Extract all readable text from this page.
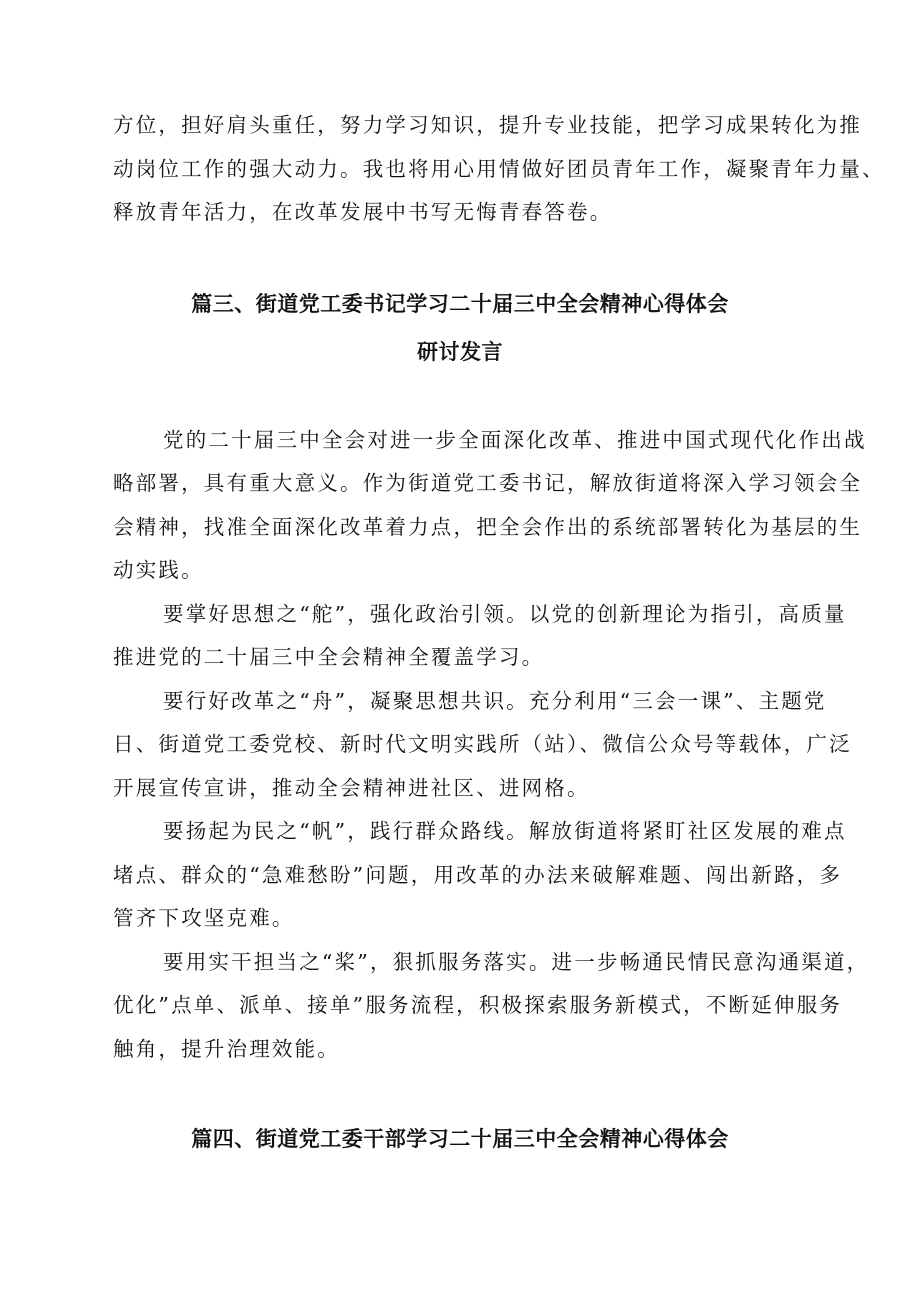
方位，担好肩头重任，努力学习知识，提升专业技能，把学习成果转化为推
动岗位工作的强大动力。我也将用心用情做好团员青年工作，凝聚青年力量、
释放青年活力，在改革发展中书写无悔青春答卷。
篇三、街道党工委书记学习二十届三中全会精神心得体会
研讨发言
党的二十届三中全会对进一步全面深化改革、推进中国式现代化作出战
略部署，具有重大意义。作为街道党工委书记，解放街道将深入学习领会全
会精神，找准全面深化改革着力点，把全会作出的系统部署转化为基层的生
动实践。
要掌好思想之“舵”，强化政治引领。以党的创新理论为指引，高质量
推进党的二十届三中全会精神全覆盖学习。
要行好改革之“舟”，凝聚思想共识。充分利用“三会一课”、主题党
日、街道党工委党校、新时代文明实践所（站）、微信公众号等载体，广泛
开展宣传宣讲，推动全会精神进社区、进网格。
要扬起为民之“帆”，践行群众路线。解放街道将紧盯社区发展的难点
堵点、群众的“急难愁盼”问题，用改革的办法来破解难题、闯出新路，多
管齐下攻坚克难。
要用实干担当之“桨”，狠抓服务落实。进一步畅通民情民意沟通渠道，
优化”点单、派单、接单”服务流程，积极探索服务新模式，不断延伸服务
触角，提升治理效能。
篇四、街道党工委干部学习二十届三中全会精神心得体会
